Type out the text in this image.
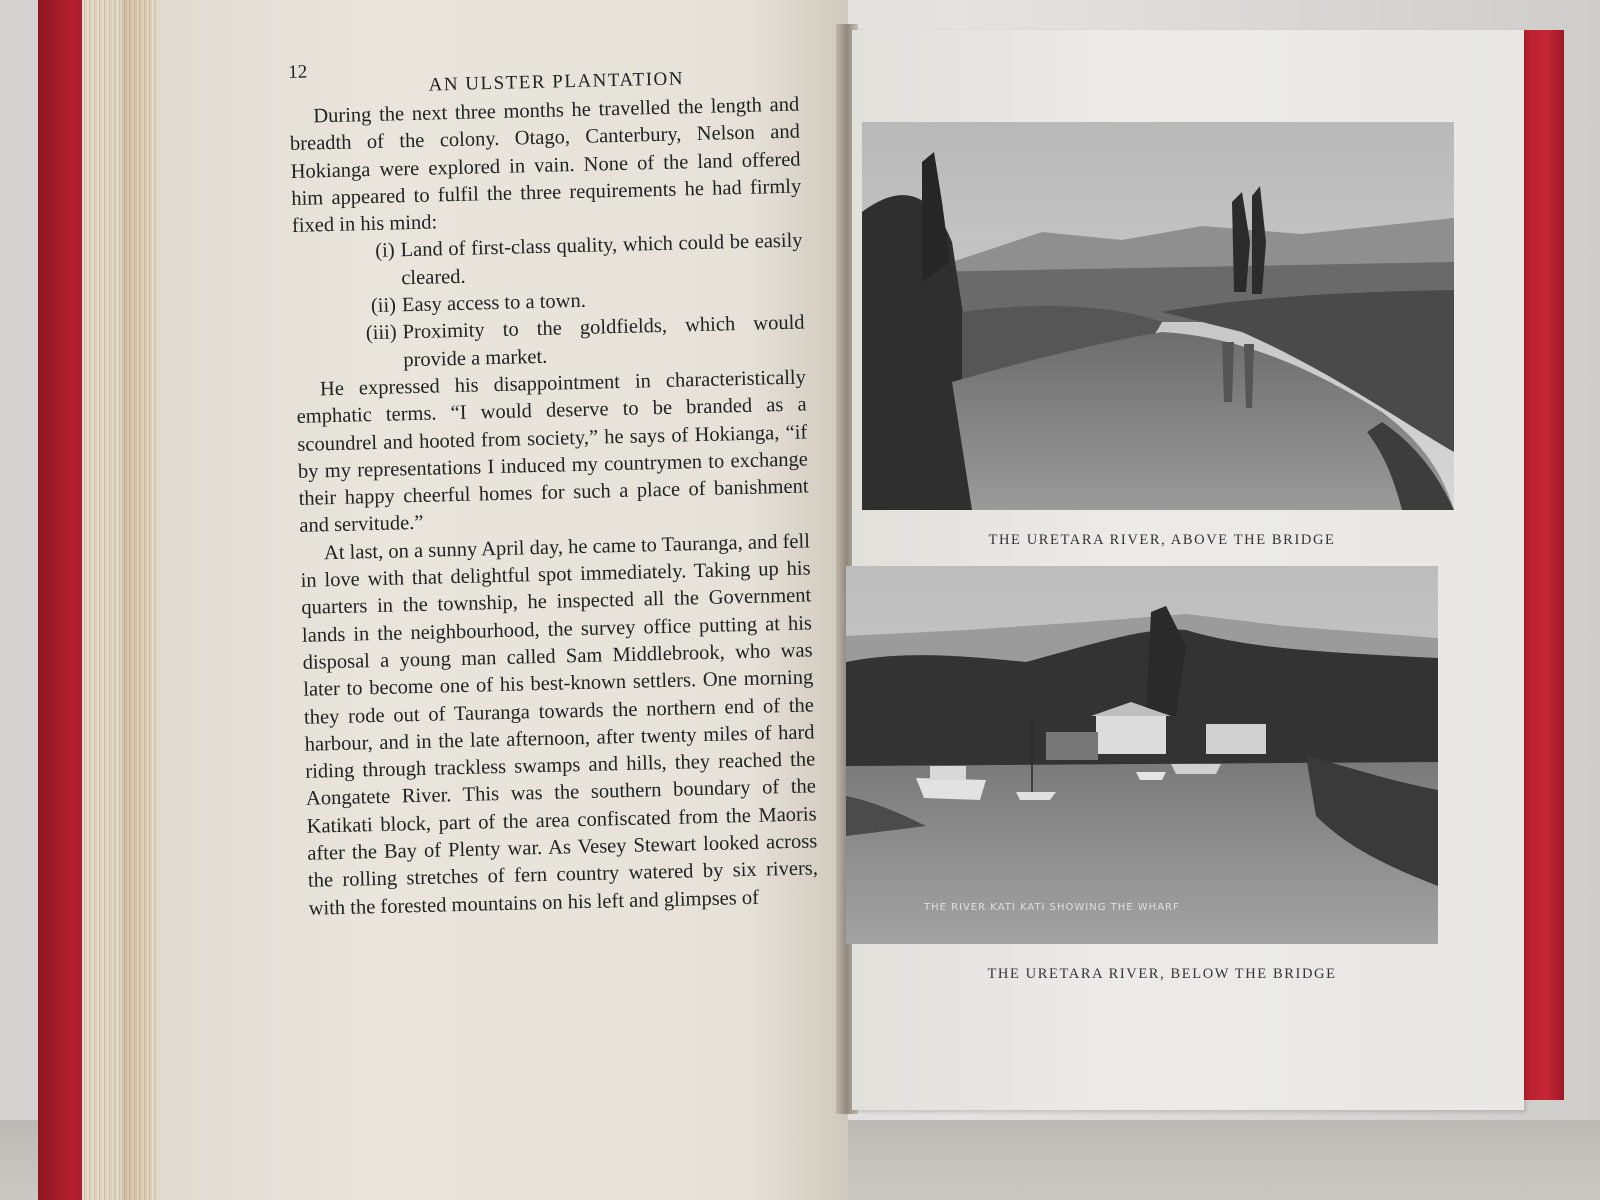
12	AN ULSTER PLANTATION

During the next three months he travelled the length and breadth of the colony. Otago, Canterbury, Nelson and Hokianga were explored in vain. None of the land offered him appeared to fulfil the three requirements he had firmly fixed in his mind:

(i) Land of first-class quality, which could be easily cleared.
(ii) Easy access to a town.
(iii) Proximity to the goldfields, which would provide a market.

He expressed his disappointment in characteristically emphatic terms. “I would deserve to be branded as a scoundrel and hooted from society,” he says of Hokianga, “if by my representations I induced my countrymen to exchange their happy cheerful homes for such a place of banishment and servitude.”

At last, on a sunny April day, he came to Tauranga, and fell in love with that delightful spot immediately. Taking up his quarters in the township, he inspected all the Government lands in the neighbourhood, the survey office putting at his disposal a young man called Sam Middlebrook, who was later to become one of his best-known settlers. One morning they rode out of Tauranga towards the northern end of the harbour, and in the late afternoon, after twenty miles of hard riding through trackless swamps and hills, they reached the Aongatete River. This was the southern boundary of the Katikati block, part of the area confiscated from the Maoris after the Bay of Plenty war. As Vesey Stewart looked across the rolling stretches of fern country watered by six rivers, with the forested mountains on his left and glimpses of

THE URETARA RIVER, ABOVE THE BRIDGE
THE RIVER KATI KATI SHOWING THE WHARF
THE URETARA RIVER, BELOW THE BRIDGE
